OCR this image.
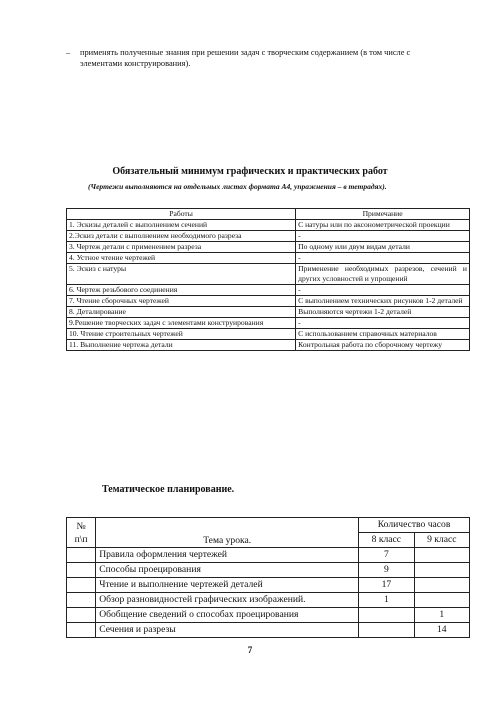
–	применять полученные знания при решении задач с творческим содержанием (в том числе с элементами конструирования).
Обязательный минимум графических и практических работ
(Чертежи выполняются на отдельных листах формата А4, упражнения – в тетрадях).
Работы	Примечание
1. Эскизы деталей с выполнением сечений	С натуры или по аксонометрической проекции
2.Эскиз детали с выполнением необходимого разреза	-
3. Чертеж детали с применением разреза	По одному или двум видам детали
4. Устное чтение чертежей	-
5. Эскиз с натуры	Применение необходимых разрезов, сечений и других условностей и упрощений
6. Чертеж резьбового соединения	-
7. Чтение сборочных чертежей	С выполнением технических рисунков 1-2 деталей
8. Деталирование	Выполняются чертежи 1-2 деталей
9.Решение творческих задач с элементами конструирования	-
10. Чтение строительных чертежей	С использованием справочных материалов
11. Выполнение чертежа детали	Контрольная работа по сборочному чертежу
Тематическое планирование.
№ п\п	Тема урока.	Количество часов	
		8 класс	9 класс
	Правила оформления чертежей	7	
	Способы проецирования	9	
	Чтение и выполнение чертежей деталей	17	
	Обзор разновидностей графических изображений.	1	
	Обобщение сведений о способах проецирования		1
	Сечения и разрезы		14
7
